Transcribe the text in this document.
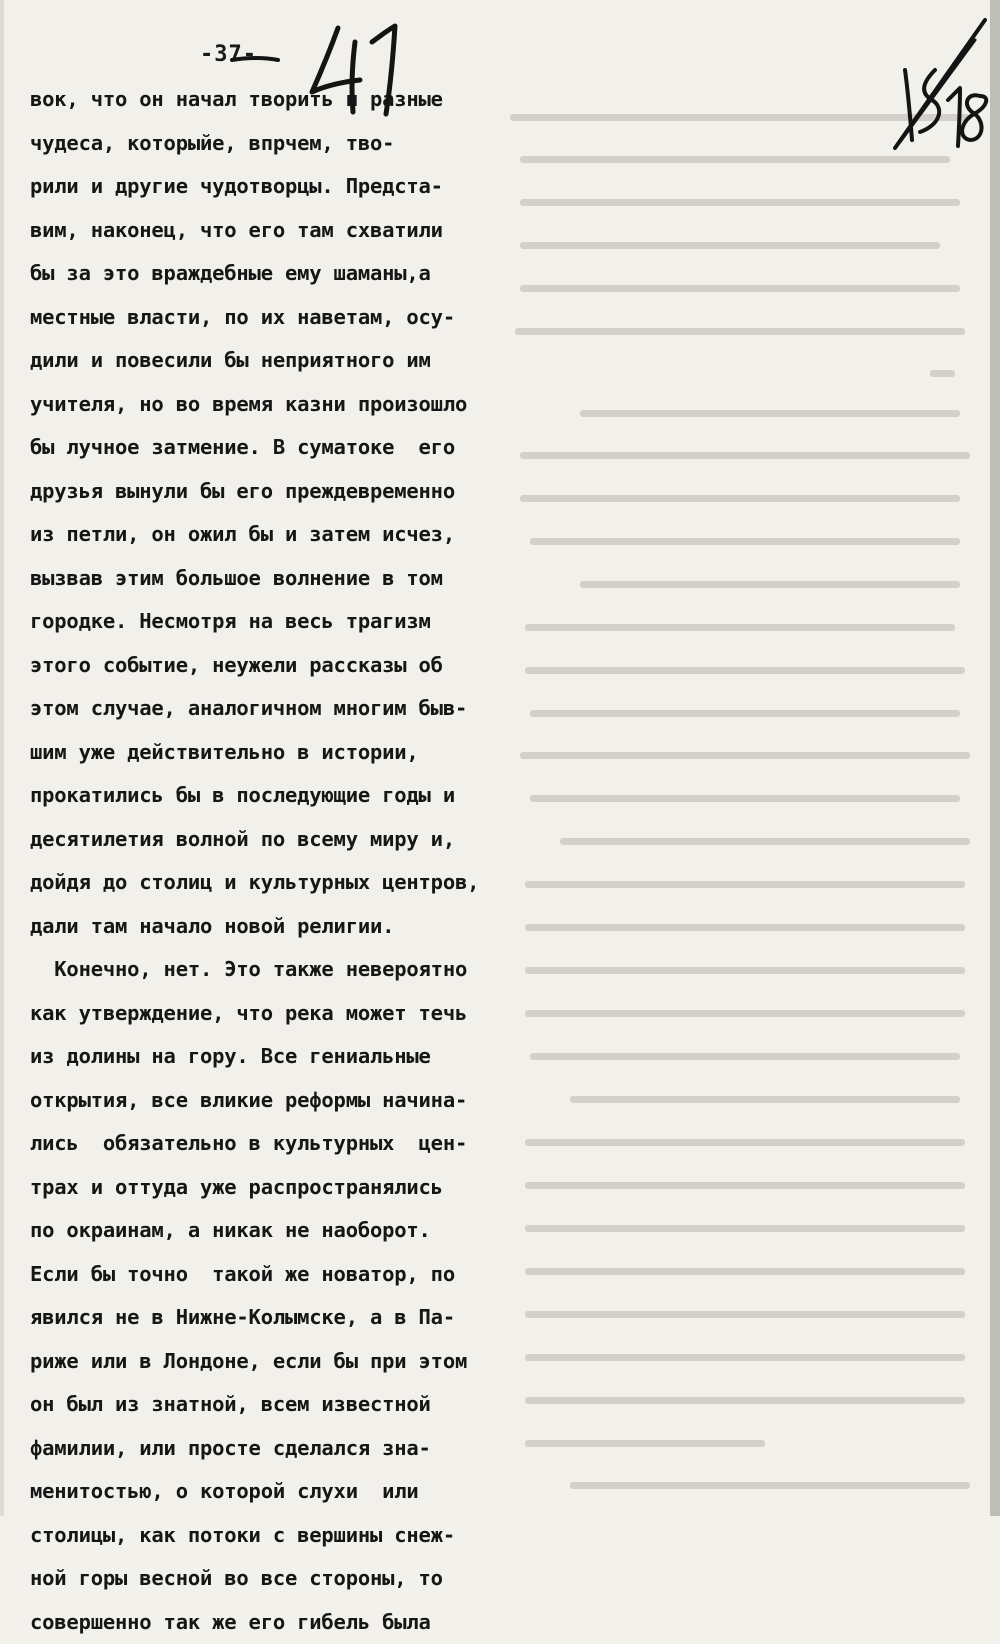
-37-
вок, что он начал творить и разные
чудеса, которыйе, впрчем, тво-
рили и другие чудотворцы. Предста-
вим, наконец, что его там схватили
бы за это враждебные ему шаманы,а
местные власти, по их наветам, осу-
дили и повесили бы неприятного им
учителя, но во время казни произошло
бы лучное затмение. В суматоке  его
друзья вынули бы его преждевременно
из петли, он ожил бы и затем исчез,
вызвав этим большое волнение в том
городке. Несмотря на весь трагизм
этого событие, неужели рассказы об
этом случае, аналогичном многим быв-
шим уже действительно в истории,
прокатились бы в последующие годы и
десятилетия волной по всему миру и,
дойдя до столиц и культурных центров,
дали там начало новой религии.
Конечно, нет. Это также невероятно
как утверждение, что река может течь
из долины на гору. Все гениальные
открытия, все вликие реформы начина-
лись  обязательно в культурных  цен-
трах и оттуда уже распространялись
по окраинам, а никак не наоборот.
Если бы точно  такой же новатор, по
явился не в Нижне-Колымске, а в Па-
риже или в Лондоне, если бы при этом
он был из знатной, всем известной
фамилии, или просте сделался зна-
менитостью, о которой слухи  или
столицы, как потоки с вершины снеж-
ной горы весной во все стороны, то
совершенно так же его гибель была
